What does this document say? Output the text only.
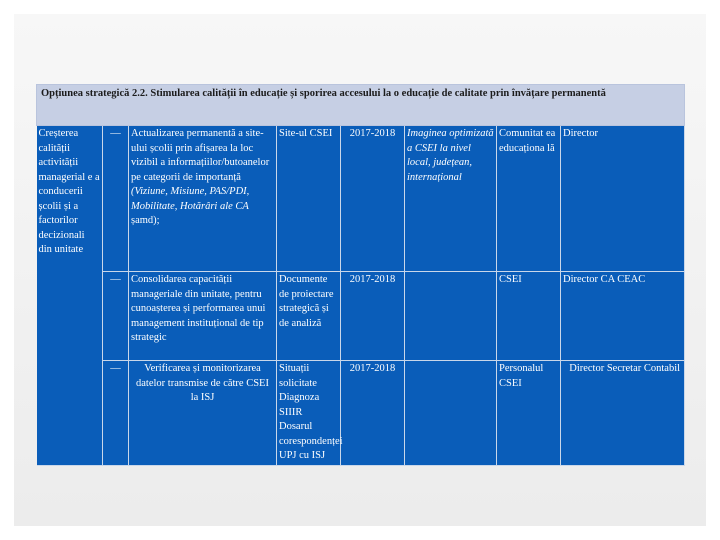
Opțiunea strategică 2.2. Stimularea calității în educație și sporirea accesului la o educație de calitate prin învățare permanentă							
Creșterea calității activității managerial e a conducerii școlii și a factorilor decizionali din unitate	—	Actualizarea permanentă a site-ului școlii prin afișarea la loc vizibil a informațiilor/butoanelor pe categorii de importanță (Viziune, Misiune, PAS/PDI, Mobilitate, Hotărâri ale CA șamd);	Site-ul CSEI	2017-2018	Imaginea optimizată a CSEI la nivel local, județean, internațional	Comunitat ea educaționa lă	Director
	—	Consolidarea capacității manageriale din unitate, pentru cunoașterea și performarea unui management instituțional de tip strategic	Documente de proiectare strategică și de analiză	2017-2018		CSEI	Director CA CEAC
	—	Verificarea și monitorizarea datelor transmise de către CSEI la ISJ	Situații solicitate Diagnoza SIIIR Dosarul corespondenței UPJ cu ISJ	2017-2018		Personalul CSEI	Director Secretar Contabil
